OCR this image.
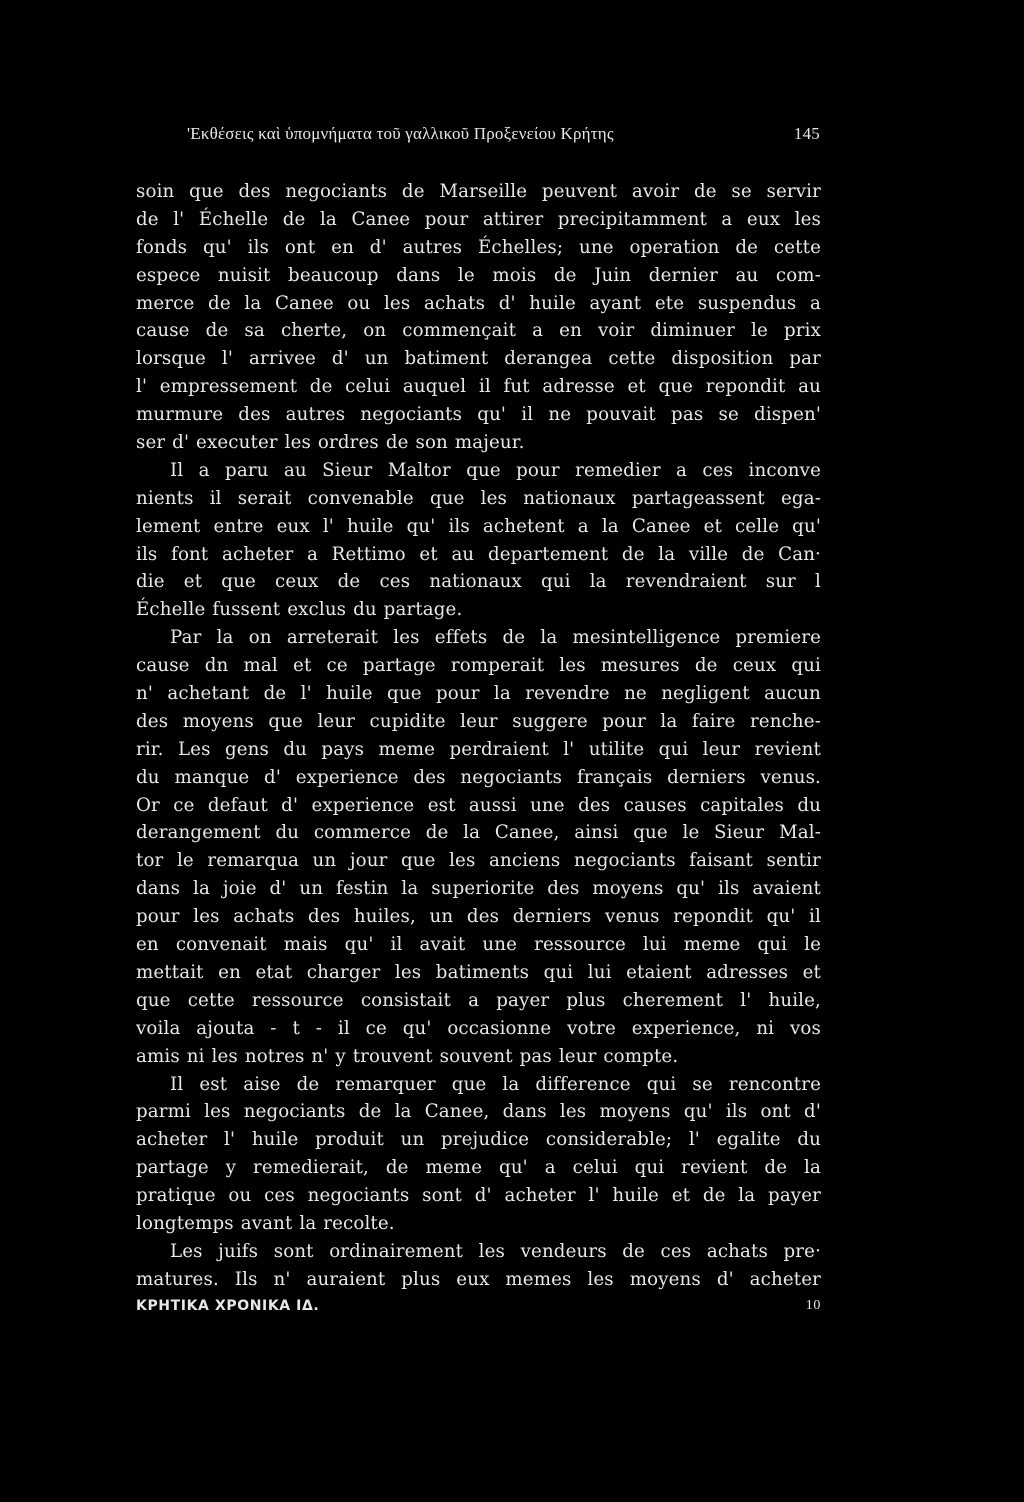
'Εκθέσεις καὶ ὑπομνήματα τοῦ γαλλικοῦ Προξενείου Κρήτης	145
soin que des negociants de Marseille peuvent avoir de se servir
de l' Échelle de la Canee pour attirer precipitamment a eux les
fonds qu' ils ont en d' autres Échelles; une operation de cette
espece nuisit beaucoup dans le mois de Juin dernier au com-
merce de la Canee ou les achats d' huile ayant ete suspendus a
cause de sa cherte, on commençait a en voir diminuer le prix
lorsque l' arrivee d' un batiment derangea cette disposition par
l' empressement de celui auquel il fut adresse et que repondit au
murmure des autres negociants qu' il ne pouvait pas se dispen'
ser d' executer les ordres de son majeur.
Il a paru au Sieur Maltor que pour remedier a ces inconve
nients il serait convenable que les nationaux partageassent ega-
lement entre eux l' huile qu' ils achetent a la Canee et celle qu'
ils font acheter a Rettimo et au departement de la ville de Can·
die et que ceux de ces nationaux qui la revendraient sur l
Échelle fussent exclus du partage.
Par la on arreterait les effets de la mesintelligence premiere
cause dn mal et ce partage romperait les mesures de ceux qui
n' achetant de l' huile que pour la revendre ne negligent aucun
des moyens que leur cupidite leur suggere pour la faire renche-
rir. Les gens du pays meme perdraient l' utilite qui leur revient
du manque d' experience des negociants français derniers venus.
Or ce defaut d' experience est aussi une des causes capitales du
derangement du commerce de la Canee, ainsi que le Sieur Mal-
tor le remarqua un jour que les anciens negociants faisant sentir
dans la joie d' un festin la superiorite des moyens qu' ils avaient
pour les achats des huiles, un des derniers venus repondit qu' il
en convenait mais qu' il avait une ressource lui meme qui le
mettait en etat charger les batiments qui lui etaient adresses et
que cette ressource consistait a payer plus cherement l' huile,
voila ajouta - t - il ce qu' occasionne votre experience, ni vos
amis ni les notres n' y trouvent souvent pas leur compte.
Il est aise de remarquer que la difference qui se rencontre
parmi les negociants de la Canee, dans les moyens qu' ils ont d'
acheter l' huile produit un prejudice considerable; l' egalite du
partage y remedierait, de meme qu' a celui qui revient de la
pratique ou ces negociants sont d' acheter l' huile et de la payer
longtemps avant la recolte.
Les juifs sont ordinairement les vendeurs de ces achats pre·
matures. Ils n' auraient plus eux memes les moyens d' acheter
ΚΡΗΤΙΚΑ ΧΡΟΝΙΚΑ ΙΔ.	10
